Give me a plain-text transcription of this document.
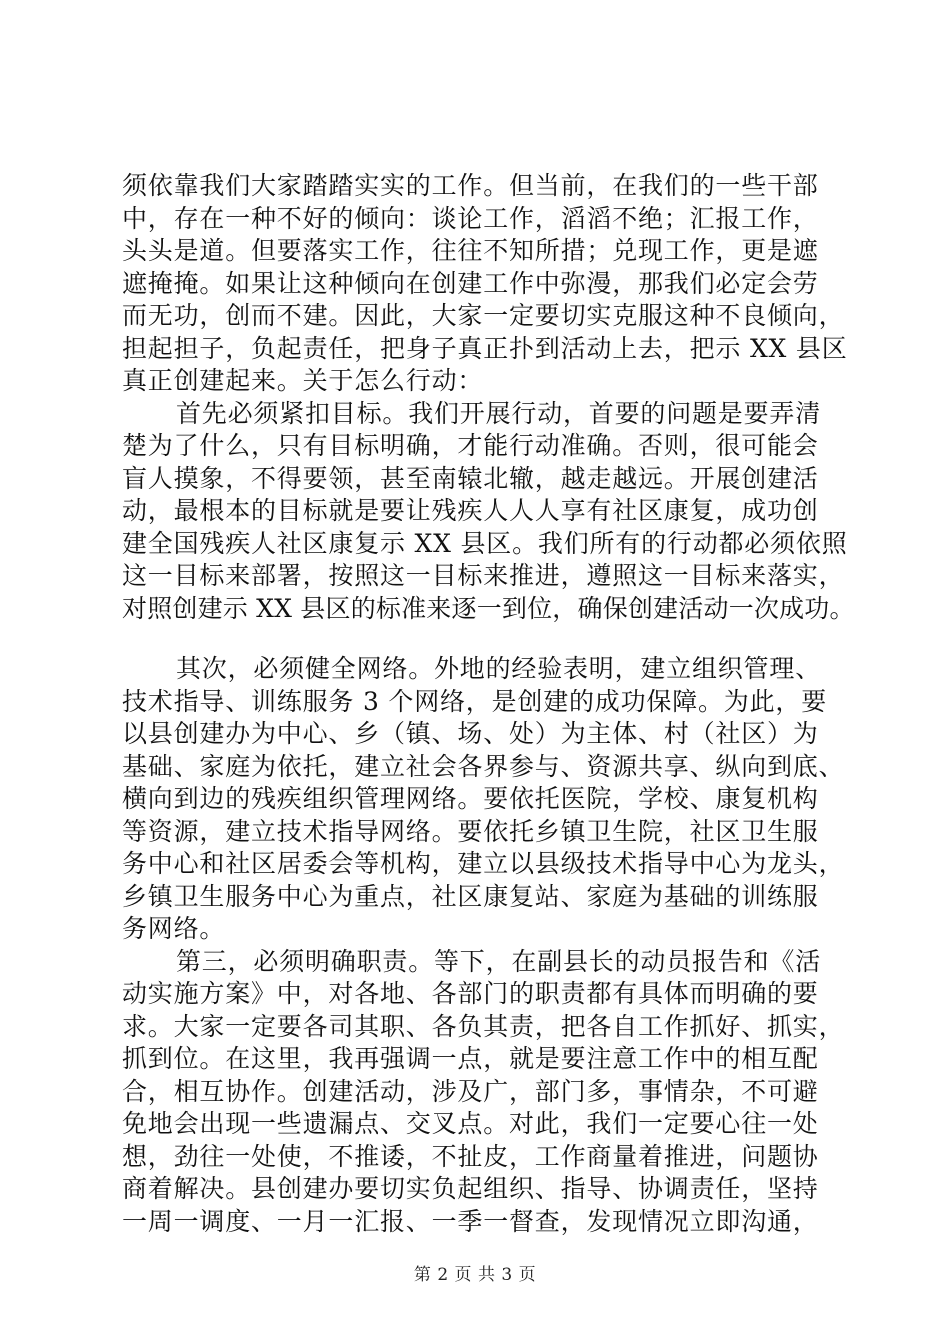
须依靠我们大家踏踏实实的工作。但当前，在我们的一些干部
中，存在一种不好的倾向：谈论工作，滔滔不绝；汇报工作，
头头是道。但要落实工作，往往不知所措；兑现工作，更是遮
遮掩掩。如果让这种倾向在创建工作中弥漫，那我们必定会劳
而无功，创而不建。因此，大家一定要切实克服这种不良倾向，
担起担子，负起责任，把身子真正扑到活动上去，把示 XX 县区
真正创建起来。关于怎么行动：
首先必须紧扣目标。我们开展行动，首要的问题是要弄清
楚为了什么，只有目标明确，才能行动准确。否则，很可能会
盲人摸象，不得要领，甚至南辕北辙，越走越远。开展创建活
动，最根本的目标就是要让残疾人人人享有社区康复，成功创
建全国残疾人社区康复示 XX 县区。我们所有的行动都必须依照
这一目标来部署，按照这一目标来推进，遵照这一目标来落实，
对照创建示 XX 县区的标准来逐一到位，确保创建活动一次成功。
其次，必须健全网络。外地的经验表明，建立组织管理、
技术指导、训练服务 3 个网络，是创建的成功保障。为此，要
以县创建办为中心、乡（镇、场、处）为主体、村（社区）为
基础、家庭为依托，建立社会各界参与、资源共享、纵向到底、
横向到边的残疾组织管理网络。要依托医院，学校、康复机构
等资源，建立技术指导网络。要依托乡镇卫生院，社区卫生服
务中心和社区居委会等机构，建立以县级技术指导中心为龙头，
乡镇卫生服务中心为重点，社区康复站、家庭为基础的训练服
务网络。
第三，必须明确职责。等下，在副县长的动员报告和《活
动实施方案》中，对各地、各部门的职责都有具体而明确的要
求。大家一定要各司其职、各负其责，把各自工作抓好、抓实，
抓到位。在这里，我再强调一点，就是要注意工作中的相互配
合，相互协作。创建活动，涉及广，部门多，事情杂，不可避
免地会出现一些遗漏点、交叉点。对此，我们一定要心往一处
想，劲往一处使，不推诿，不扯皮，工作商量着推进，问题协
商着解决。县创建办要切实负起组织、指导、协调责任，坚持
一周一调度、一月一汇报、一季一督查，发现情况立即沟通，
第 2 页 共 3 页
